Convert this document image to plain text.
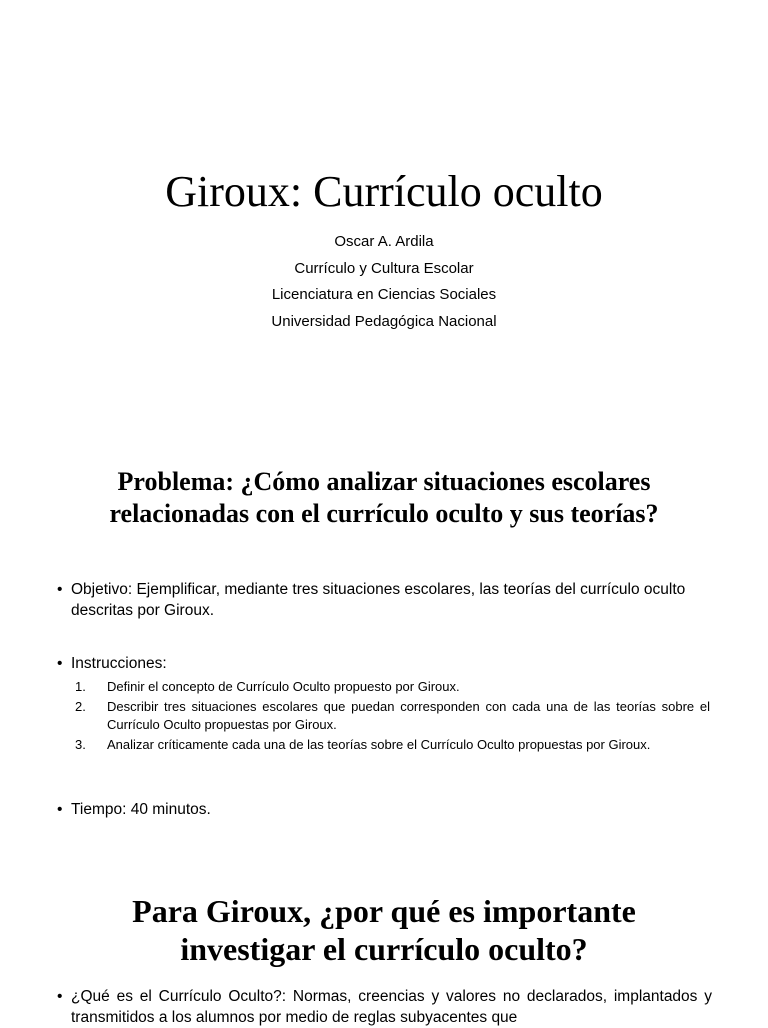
Giroux: Currículo oculto
Oscar A. Ardila
Currículo y Cultura Escolar
Licenciatura en Ciencias Sociales
Universidad Pedagógica Nacional
Problema: ¿Cómo analizar situaciones escolares
relacionadas con el currículo oculto y sus teorías?
• Objetivo: Ejemplificar, mediante tres situaciones escolares, las teorías del currículo oculto descritas por Giroux.
• Instrucciones:
1. Definir el concepto de Currículo Oculto propuesto por Giroux.
2. Describir tres situaciones escolares que puedan corresponden con cada una de las teorías sobre el Currículo Oculto propuestas por Giroux.
3. Analizar críticamente cada una de las teorías sobre el Currículo Oculto propuestas por Giroux.
• Tiempo: 40 minutos.
Para Giroux, ¿por qué es importante
investigar el currículo oculto?
• ¿Qué es el Currículo Oculto?: Normas, creencias y valores no declarados, implantados y transmitidos a los alumnos por medio de reglas subyacentes que
